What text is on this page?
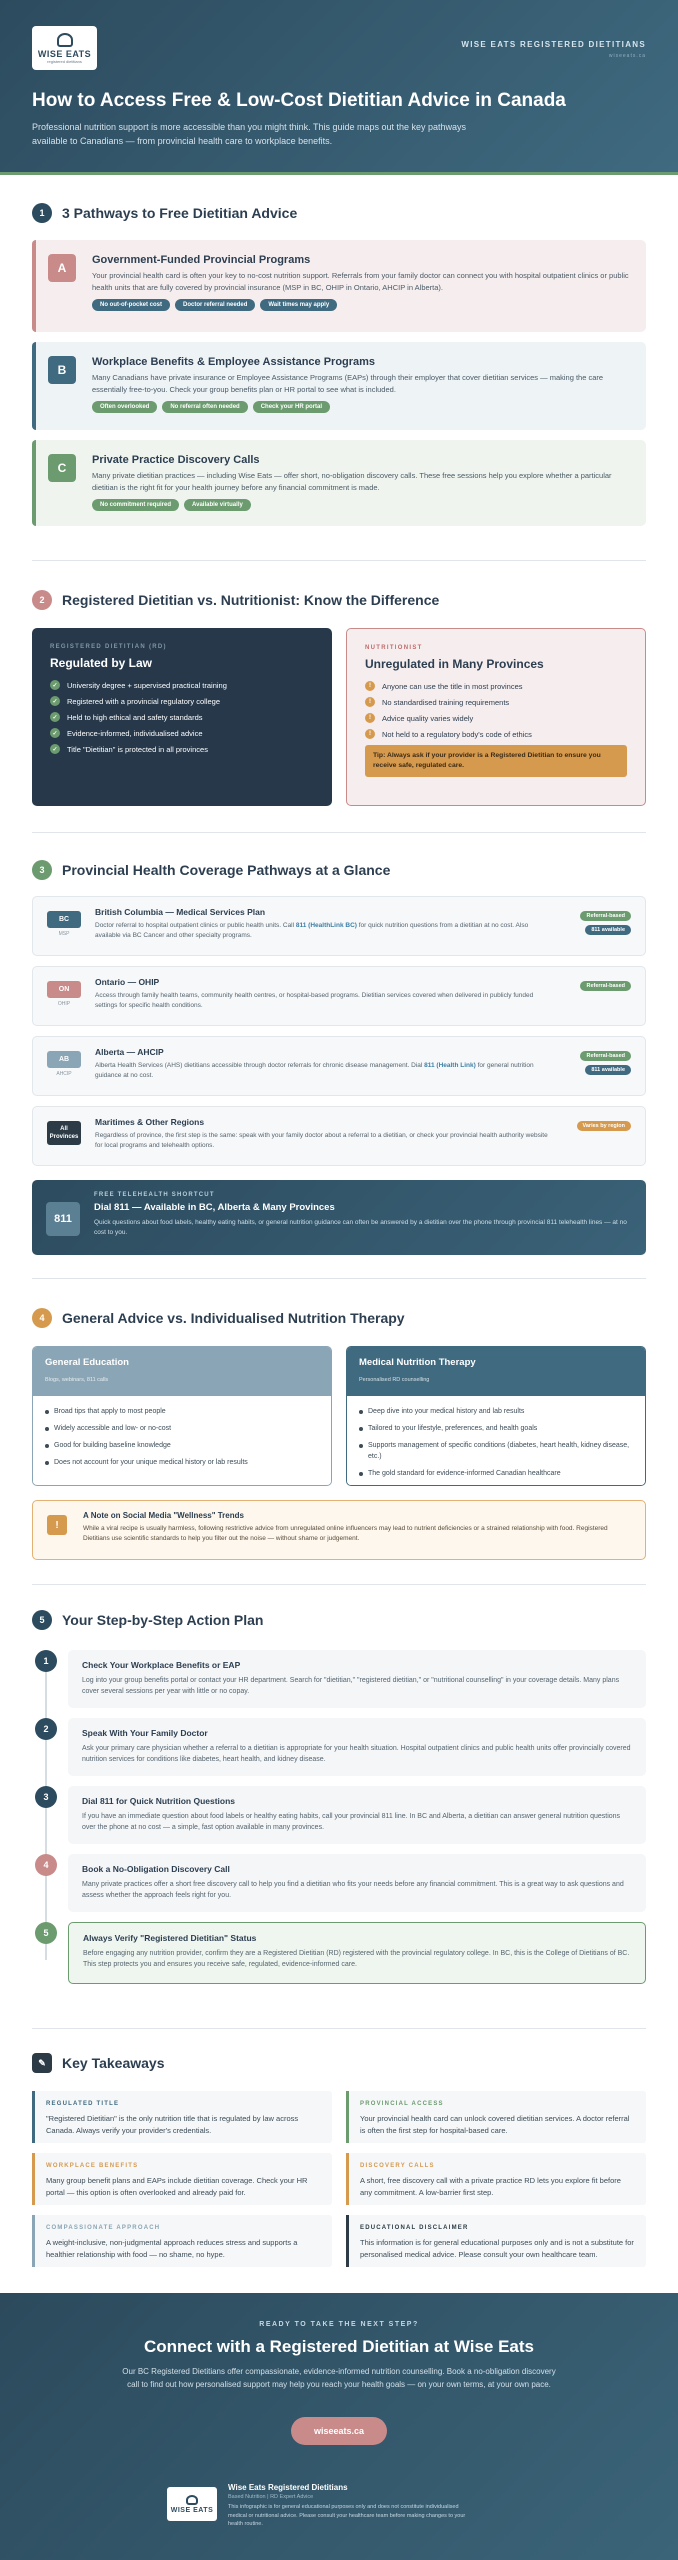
WISE EATS
registered dietitians
WISE EATS REGISTERED DIETITIANS
wiseeats.ca
How to Access Free & Low-Cost Dietitian Advice in Canada

Professional nutrition support is more accessible than you might think. This guide maps out the key pathways available to Canadians — from provincial health care to workplace benefits.

1	3 Pathways to Free Dietitian Advice
A
Government-Funded Provincial Programs

Your provincial health card is often your key to no-cost nutrition support. Referrals from your family doctor can connect you with hospital outpatient clinics or public health units that are fully covered by provincial insurance (MSP in BC, OHIP in Ontario, AHCIP in Alberta).

No out-of-pocket cost	Doctor referral needed	Wait times may apply
B
Workplace Benefits & Employee Assistance Programs

Many Canadians have private insurance or Employee Assistance Programs (EAPs) through their employer that cover dietitian services — making the care essentially free-to-you. Check your group benefits plan or HR portal to see what is included.

Often overlooked	No referral often needed	Check your HR portal
C
Private Practice Discovery Calls

Many private dietitian practices — including Wise Eats — offer short, no-obligation discovery calls. These free sessions help you explore whether a particular dietitian is the right fit for your health journey before any financial commitment is made.

No commitment required	Available virtually
2	Registered Dietitian vs. Nutritionist: Know the Difference
REGISTERED DIETITIAN (RD)
Regulated by Law
✓	University degree + supervised practical training
✓	Registered with a provincial regulatory college
✓	Held to high ethical and safety standards
✓	Evidence-informed, individualised advice
✓	Title "Dietitian" is protected in all provinces
NUTRITIONIST
Unregulated in Many Provinces
!	Anyone can use the title in most provinces
!	No standardised training requirements
!	Advice quality varies widely
!	Not held to a regulatory body's code of ethics
Tip: Always ask if your provider is a Registered Dietitian to ensure you receive safe, regulated care.
3	Provincial Health Coverage Pathways at a Glance
BC
MSP
British Columbia — Medical Services Plan

Doctor referral to hospital outpatient clinics or public health units. Call 811 (HealthLink BC) for quick nutrition questions from a dietitian at no cost. Also available via BC Cancer and other specialty programs.

Referral-based
811 available
ON
OHIP
Ontario — OHIP

Access through family health teams, community health centres, or hospital-based programs. Dietitian services covered when delivered in publicly funded settings for specific health conditions.

Referral-based
AB
AHCIP
Alberta — AHCIP

Alberta Health Services (AHS) dietitians accessible through doctor referrals for chronic disease management. Dial 811 (Health Link) for general nutrition guidance at no cost.

Referral-based
811 available
All Provinces
Maritimes & Other Regions

Regardless of province, the first step is the same: speak with your family doctor about a referral to a dietitian, or check your provincial health authority website for local programs and telehealth options.

Varies by region
811
FREE TELEHEALTH SHORTCUT
Dial 811 — Available in BC, Alberta & Many Provinces

Quick questions about food labels, healthy eating habits, or general nutrition guidance can often be answered by a dietitian over the phone through provincial 811 telehealth lines — at no cost to you.

4	General Advice vs. Individualised Nutrition Therapy
General Education
Blogs, webinars, 811 calls
Broad tips that apply to most people
Widely accessible and low- or no-cost
Good for building baseline knowledge
Does not account for your unique medical history or lab results
Medical Nutrition Therapy
Personalised RD counselling
Deep dive into your medical history and lab results
Tailored to your lifestyle, preferences, and health goals
Supports management of specific conditions (diabetes, heart health, kidney disease, etc.)
The gold standard for evidence-informed Canadian healthcare
!
A Note on Social Media "Wellness" Trends

While a viral recipe is usually harmless, following restrictive advice from unregulated online influencers may lead to nutrient deficiencies or a strained relationship with food. Registered Dietitians use scientific standards to help you filter out the noise — without shame or judgement.

5	Your Step-by-Step Action Plan
1	Check Your Workplace Benefits or EAP

Log into your group benefits portal or contact your HR department. Search for "dietitian," "registered dietitian," or "nutritional counselling" in your coverage details. Many plans cover several sessions per year with little or no copay.

2	Speak With Your Family Doctor

Ask your primary care physician whether a referral to a dietitian is appropriate for your health situation. Hospital outpatient clinics and public health units offer provincially covered nutrition services for conditions like diabetes, heart health, and kidney disease.

3	Dial 811 for Quick Nutrition Questions

If you have an immediate question about food labels or healthy eating habits, call your provincial 811 line. In BC and Alberta, a dietitian can answer general nutrition questions over the phone at no cost — a simple, fast option available in many provinces.

4	Book a No-Obligation Discovery Call

Many private practices offer a short free discovery call to help you find a dietitian who fits your needs before any financial commitment. This is a great way to ask questions and assess whether the approach feels right for you.

5	Always Verify "Registered Dietitian" Status

Before engaging any nutrition provider, confirm they are a Registered Dietitian (RD) registered with the provincial regulatory college. In BC, this is the College of Dietitians of BC. This step protects you and ensures you receive safe, regulated, evidence-informed care.

✎	Key Takeaways
REGULATED TITLE

"Registered Dietitian" is the only nutrition title that is regulated by law across Canada. Always verify your provider's credentials.

PROVINCIAL ACCESS

Your provincial health card can unlock covered dietitian services. A doctor referral is often the first step for hospital-based care.

WORKPLACE BENEFITS

Many group benefit plans and EAPs include dietitian coverage. Check your HR portal — this option is often overlooked and already paid for.

DISCOVERY CALLS

A short, free discovery call with a private practice RD lets you explore fit before any commitment. A low-barrier first step.

COMPASSIONATE APPROACH

A weight-inclusive, non-judgmental approach reduces stress and supports a healthier relationship with food — no shame, no hype.

EDUCATIONAL DISCLAIMER

This information is for general educational purposes only and is not a substitute for personalised medical advice. Please consult your own healthcare team.

READY TO TAKE THE NEXT STEP?
Connect with a Registered Dietitian at Wise Eats

Our BC Registered Dietitians offer compassionate, evidence-informed nutrition counselling. Book a no-obligation discovery call to find out how personalised support may help you reach your health goals — on your own terms, at your own pace.

wiseeats.ca
WISE EATS
Wise Eats Registered Dietitians
Based Nutrition | RD Expert Advice
This infographic is for general educational purposes only and does not constitute individualised medical or nutritional advice. Please consult your healthcare team before making changes to your health routine.
